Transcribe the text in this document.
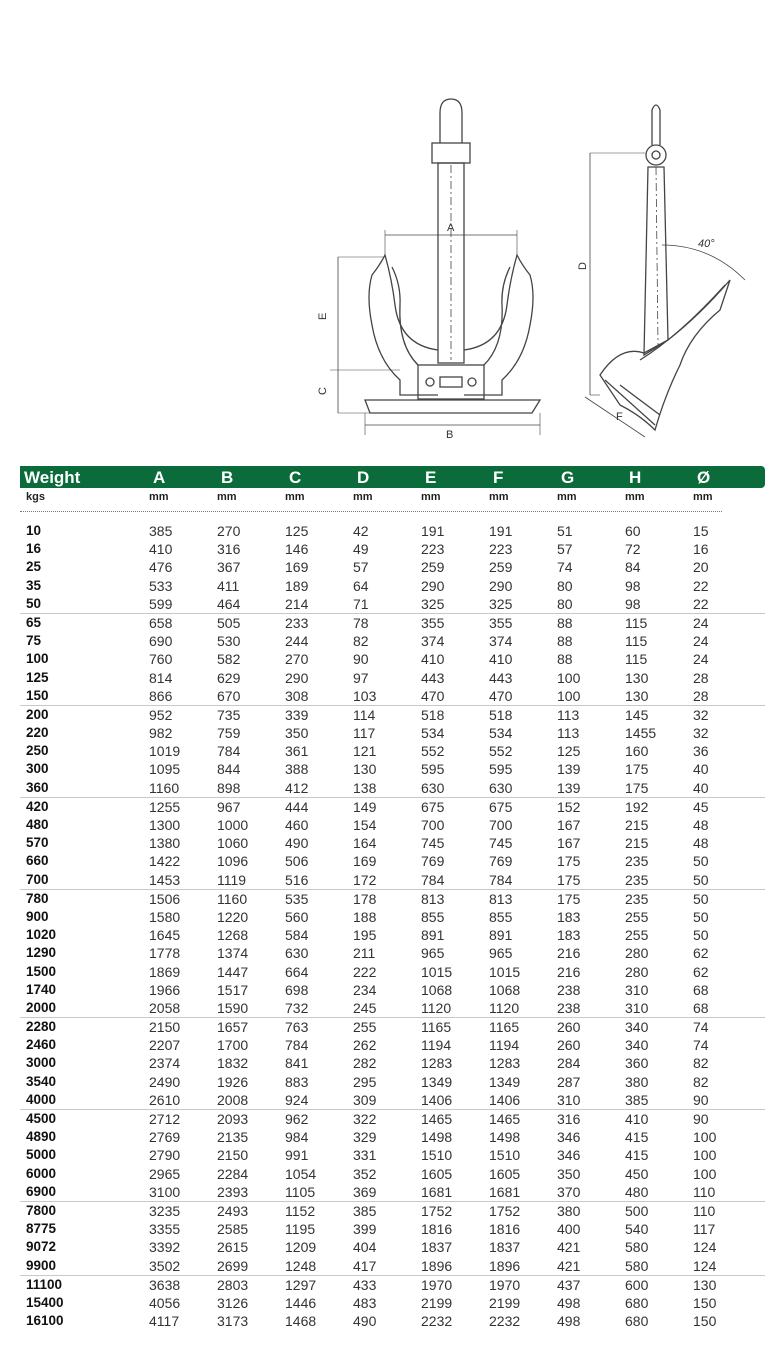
A
B
C
E
D
40°
F
Weight	A	B	C	D	E	F	G	H	Ø
kgs	mm	mm	mm	mm	mm	mm	mm	mm	mm
10	385	270	125	42	191	191	51	60	15
16	410	316	146	49	223	223	57	72	16
25	476	367	169	57	259	259	74	84	20
35	533	411	189	64	290	290	80	98	22
50	599	464	214	71	325	325	80	98	22
65	658	505	233	78	355	355	88	115	24
75	690	530	244	82	374	374	88	115	24
100	760	582	270	90	410	410	88	115	24
125	814	629	290	97	443	443	100	130	28
150	866	670	308	103	470	470	100	130	28
200	952	735	339	114	518	518	113	145	32
220	982	759	350	117	534	534	113	1455	32
250	1019	784	361	121	552	552	125	160	36
300	1095	844	388	130	595	595	139	175	40
360	1160	898	412	138	630	630	139	175	40
420	1255	967	444	149	675	675	152	192	45
480	1300	1000	460	154	700	700	167	215	48
570	1380	1060	490	164	745	745	167	215	48
660	1422	1096	506	169	769	769	175	235	50
700	1453	1119	516	172	784	784	175	235	50
780	1506	1160	535	178	813	813	175	235	50
900	1580	1220	560	188	855	855	183	255	50
1020	1645	1268	584	195	891	891	183	255	50
1290	1778	1374	630	211	965	965	216	280	62
1500	1869	1447	664	222	1015	1015	216	280	62
1740	1966	1517	698	234	1068	1068	238	310	68
2000	2058	1590	732	245	1120	1120	238	310	68
2280	2150	1657	763	255	1165	1165	260	340	74
2460	2207	1700	784	262	1194	1194	260	340	74
3000	2374	1832	841	282	1283	1283	284	360	82
3540	2490	1926	883	295	1349	1349	287	380	82
4000	2610	2008	924	309	1406	1406	310	385	90
4500	2712	2093	962	322	1465	1465	316	410	90
4890	2769	2135	984	329	1498	1498	346	415	100
5000	2790	2150	991	331	1510	1510	346	415	100
6000	2965	2284	1054	352	1605	1605	350	450	100
6900	3100	2393	1105	369	1681	1681	370	480	110
7800	3235	2493	1152	385	1752	1752	380	500	110
8775	3355	2585	1195	399	1816	1816	400	540	117
9072	3392	2615	1209	404	1837	1837	421	580	124
9900	3502	2699	1248	417	1896	1896	421	580	124
11100	3638	2803	1297	433	1970	1970	437	600	130
15400	4056	3126	1446	483	2199	2199	498	680	150
16100	4117	3173	1468	490	2232	2232	498	680	150
